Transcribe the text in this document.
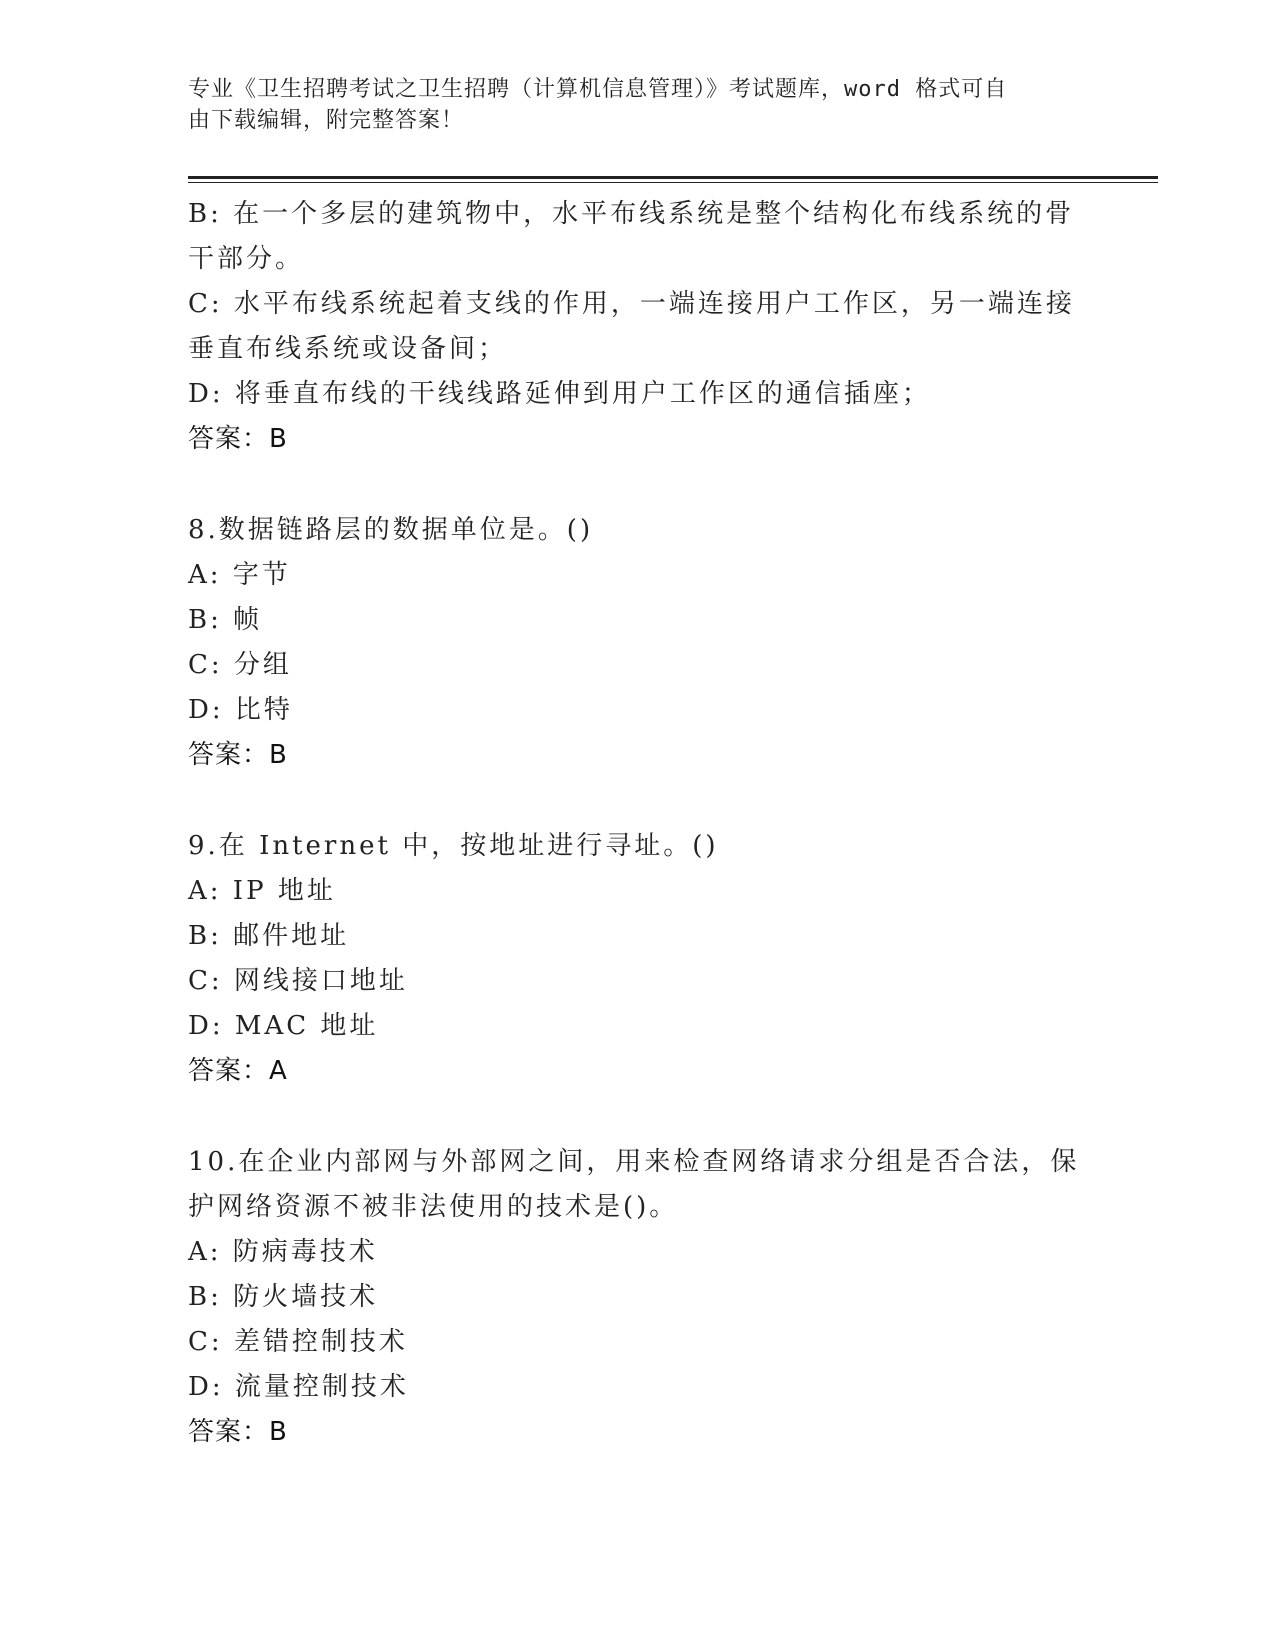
专业《卫生招聘考试之卫生招聘（计算机信息管理）》考试题库，word 格式可自
由下载编辑，附完整答案！
B: 在一个多层的建筑物中，水平布线系统是整个结构化布线系统的骨
干部分。
C: 水平布线系统起着支线的作用，一端连接用户工作区，另一端连接
垂直布线系统或设备间；
D: 将垂直布线的干线线路延伸到用户工作区的通信插座；
答案：B
8.数据链路层的数据单位是。()
A: 字节
B: 帧
C: 分组
D: 比特
答案：B
9.在 Internet 中，按地址进行寻址。()
A: IP 地址
B: 邮件地址
C: 网线接口地址
D: MAC 地址
答案：A
10.在企业内部网与外部网之间，用来检查网络请求分组是否合法，保
护网络资源不被非法使用的技术是()。
A: 防病毒技术
B: 防火墙技术
C: 差错控制技术
D: 流量控制技术
答案：B
